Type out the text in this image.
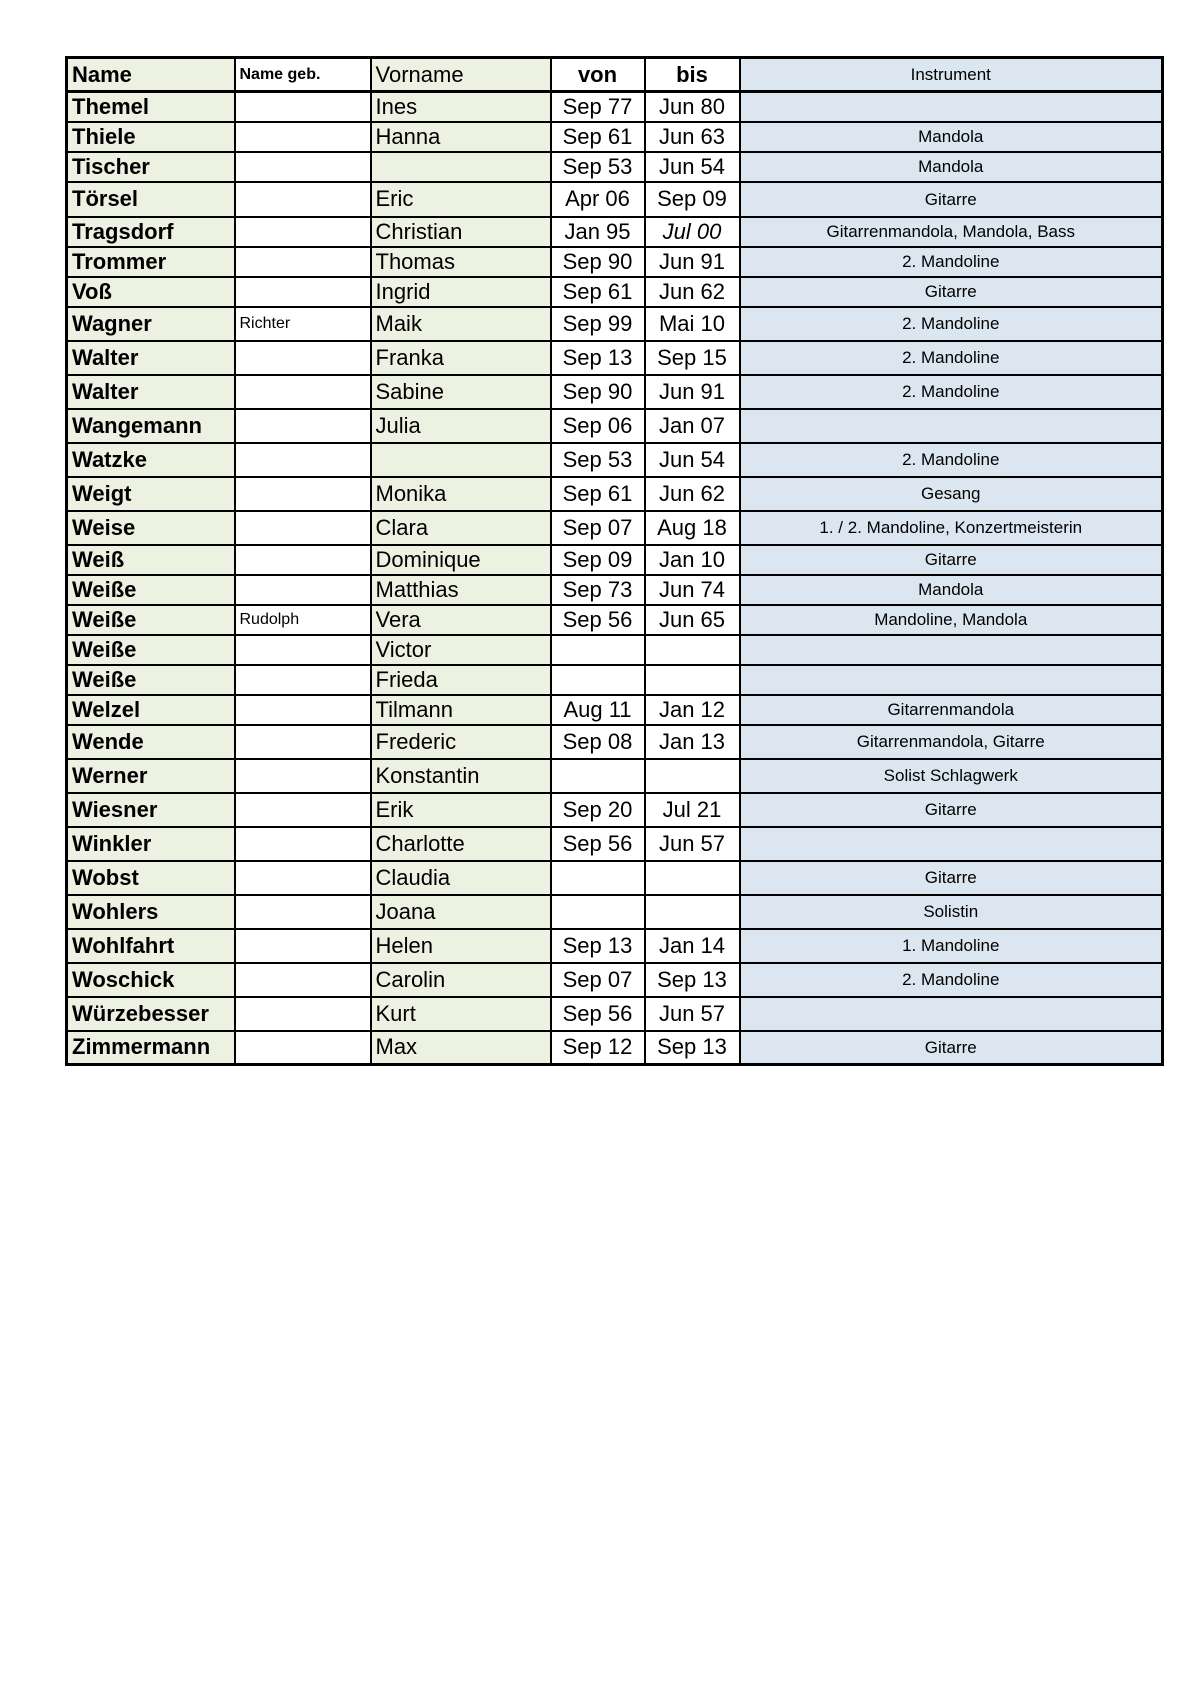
Name	Name geb.	Vorname	von	bis	Instrument
Themel		Ines	Sep 77	Jun 80	
Thiele		Hanna	Sep 61	Jun 63	Mandola
Tischer			Sep 53	Jun 54	Mandola
Törsel		Eric	Apr 06	Sep 09	Gitarre
Tragsdorf		Christian	Jan 95	Jul 00	Gitarrenmandola, Mandola, Bass
Trommer		Thomas	Sep 90	Jun 91	2. Mandoline
Voß		Ingrid	Sep 61	Jun 62	Gitarre
Wagner	Richter	Maik	Sep 99	Mai 10	2. Mandoline
Walter		Franka	Sep 13	Sep 15	2. Mandoline
Walter		Sabine	Sep 90	Jun 91	2. Mandoline
Wangemann		Julia	Sep 06	Jan 07	
Watzke			Sep 53	Jun 54	2. Mandoline
Weigt		Monika	Sep 61	Jun 62	Gesang
Weise		Clara	Sep 07	Aug 18	1. / 2. Mandoline, Konzertmeisterin
Weiß		Dominique	Sep 09	Jan 10	Gitarre
Weiße		Matthias	Sep 73	Jun 74	Mandola
Weiße	Rudolph	Vera	Sep 56	Jun 65	Mandoline, Mandola
Weiße		Victor			
Weiße		Frieda			
Welzel		Tilmann	Aug 11	Jan 12	Gitarrenmandola
Wende		Frederic	Sep 08	Jan 13	Gitarrenmandola, Gitarre
Werner		Konstantin			Solist Schlagwerk
Wiesner		Erik	Sep 20	Jul 21	Gitarre
Winkler		Charlotte	Sep 56	Jun 57	
Wobst		Claudia			Gitarre
Wohlers		Joana			Solistin
Wohlfahrt		Helen	Sep 13	Jan 14	1. Mandoline
Woschick		Carolin	Sep 07	Sep 13	2. Mandoline
Würzebesser		Kurt	Sep 56	Jun 57	
Zimmermann		Max	Sep 12	Sep 13	Gitarre
